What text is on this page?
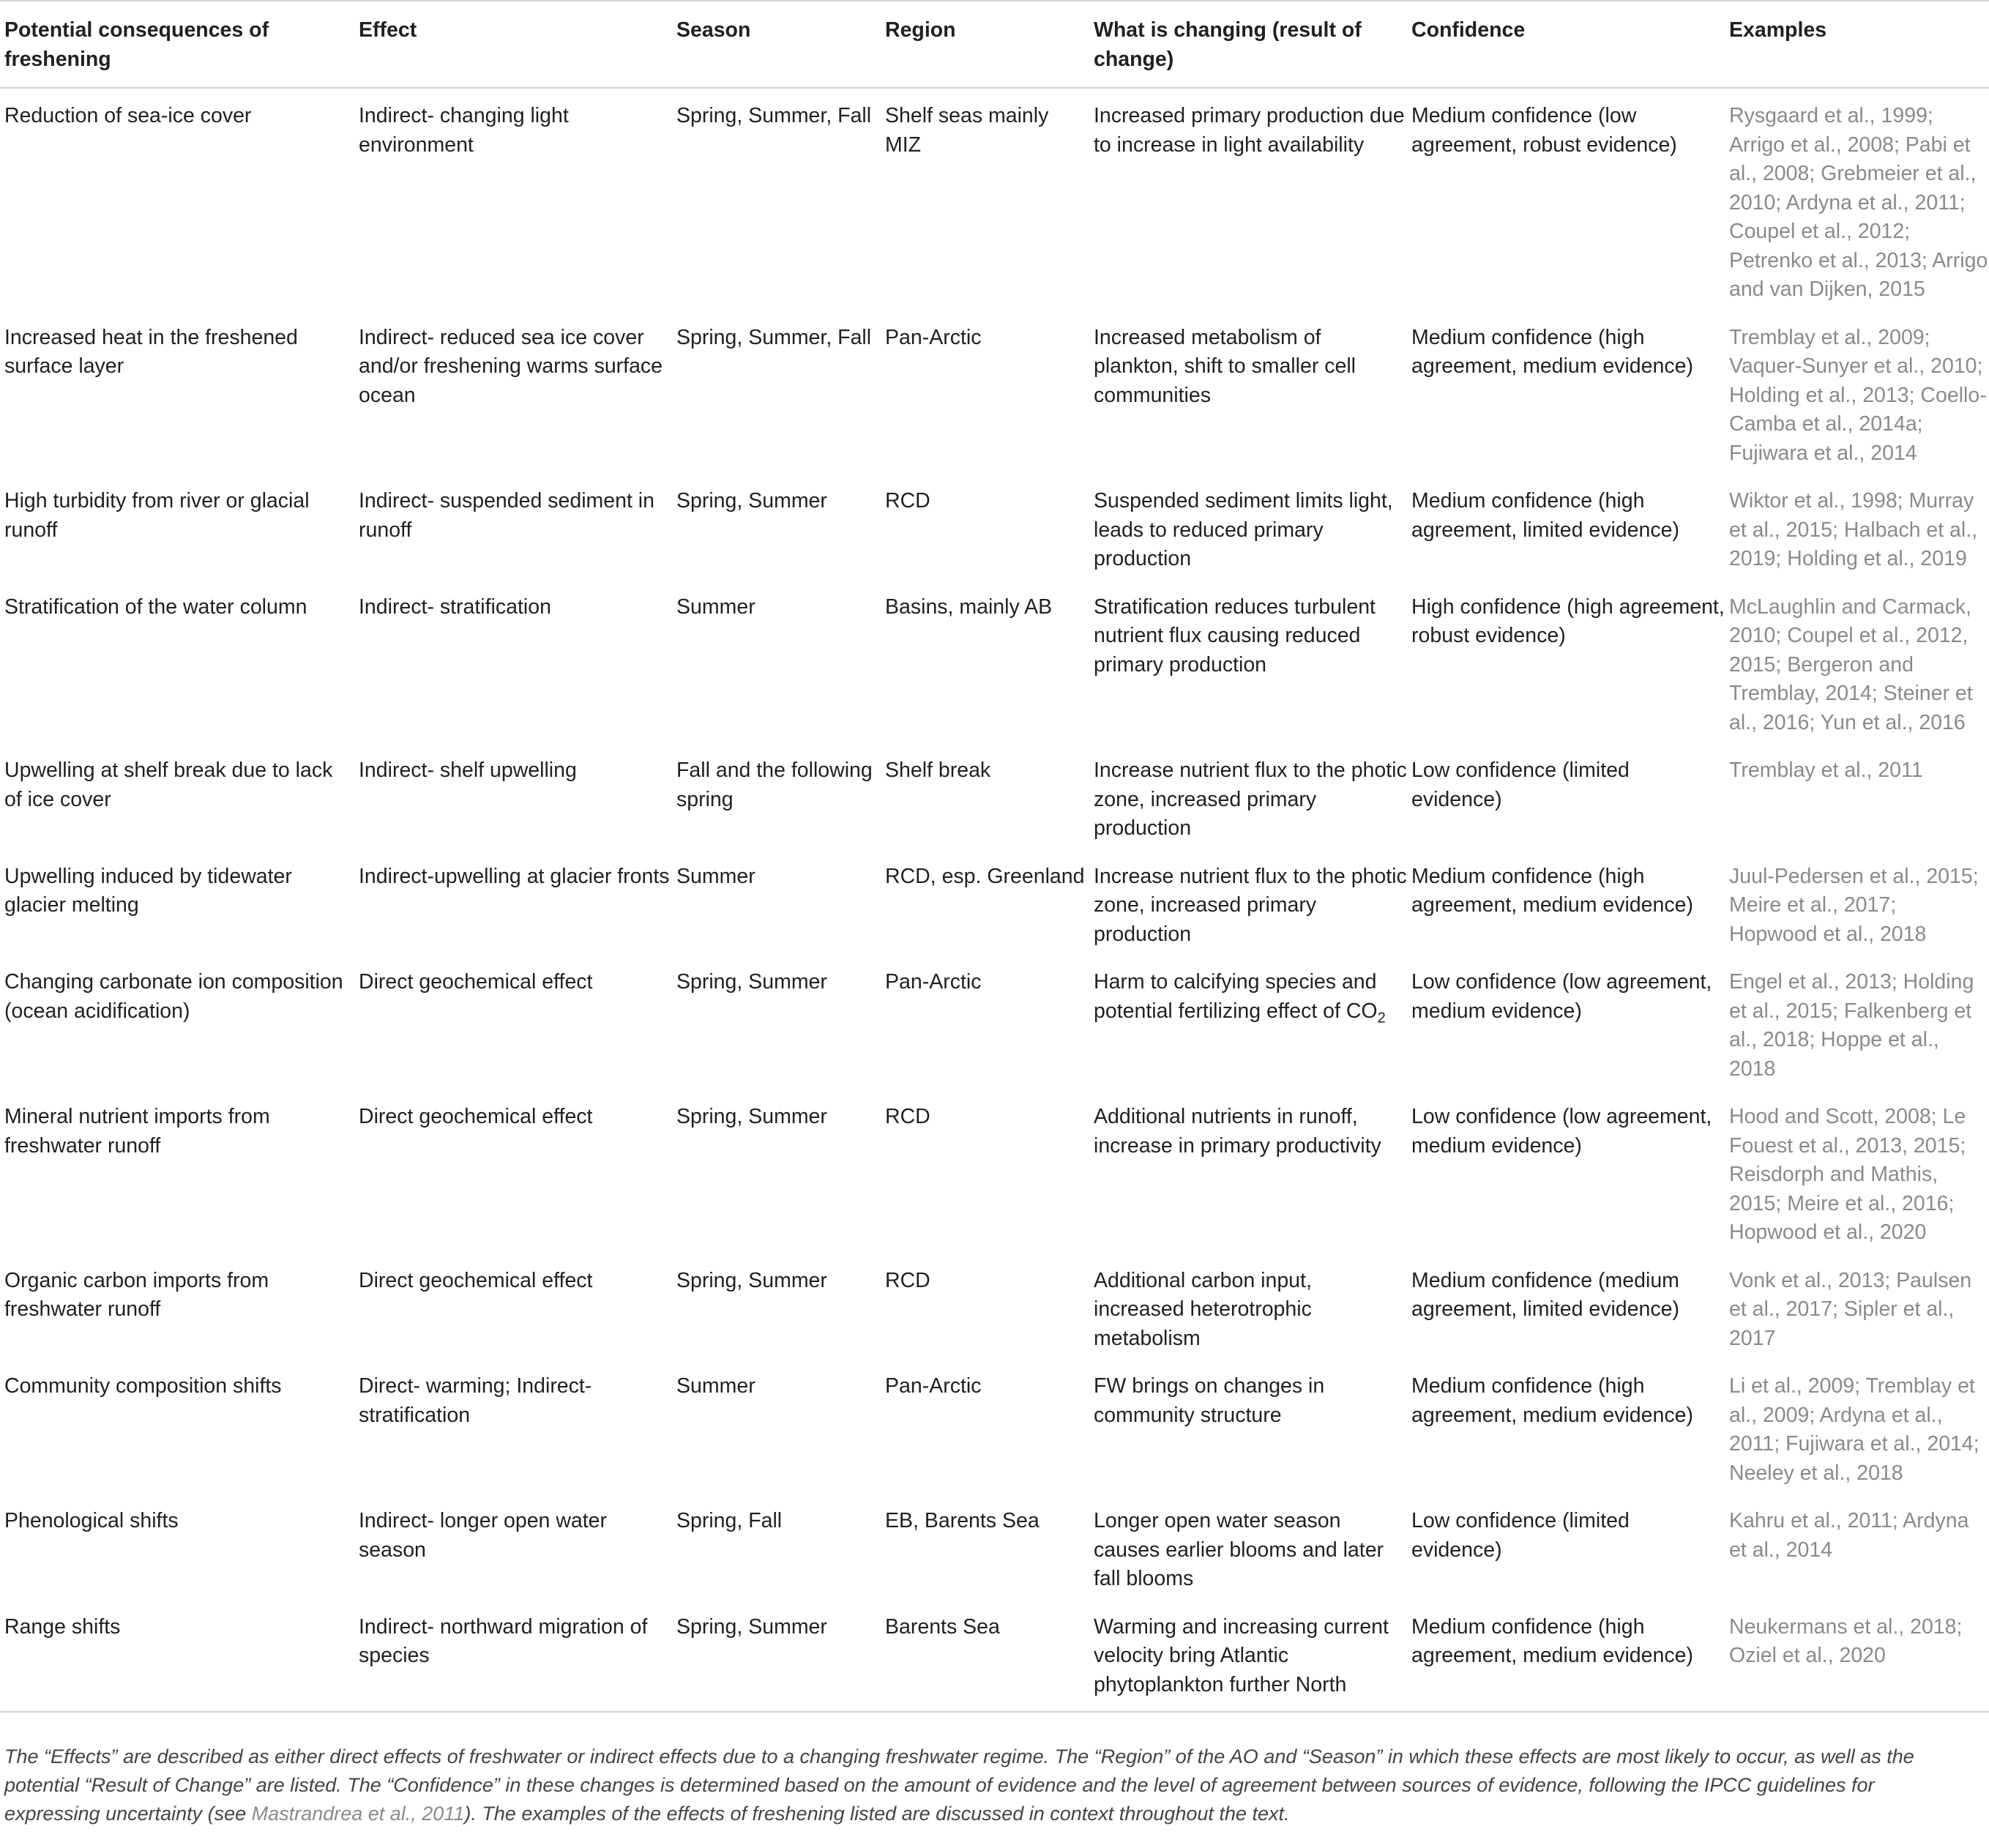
Potential consequences of freshening	Effect	Season	Region	What is changing (result of change)	Confidence	Examples
Reduction of sea-ice cover	Indirect- changing light environment	Spring, Summer, Fall	Shelf seas mainly MIZ	Increased primary production due to increase in light availability	Medium confidence (low agreement, robust evidence)	Rysgaard et al., 1999; Arrigo et al., 2008; Pabi et al., 2008; Grebmeier et al., 2010; Ardyna et al., 2011; Coupel et al., 2012; Petrenko et al., 2013; Arrigo and van Dijken, 2015
Increased heat in the freshened surface layer	Indirect- reduced sea ice cover and/or freshening warms surface ocean	Spring, Summer, Fall	Pan-Arctic	Increased metabolism of plankton, shift to smaller cell communities	Medium confidence (high agreement, medium evidence)	Tremblay et al., 2009; Vaquer-Sunyer et al., 2010; Holding et al., 2013; Coello-Camba et al., 2014a; Fujiwara et al., 2014
High turbidity from river or glacial runoff	Indirect- suspended sediment in runoff	Spring, Summer	RCD	Suspended sediment limits light, leads to reduced primary production	Medium confidence (high agreement, limited evidence)	Wiktor et al., 1998; Murray et al., 2015; Halbach et al., 2019; Holding et al., 2019
Stratification of the water column	Indirect- stratification	Summer	Basins, mainly AB	Stratification reduces turbulent nutrient flux causing reduced primary production	High confidence (high agreement, robust evidence)	McLaughlin and Carmack, 2010; Coupel et al., 2012, 2015; Bergeron and Tremblay, 2014; Steiner et al., 2016; Yun et al., 2016
Upwelling at shelf break due to lack of ice cover	Indirect- shelf upwelling	Fall and the following spring	Shelf break	Increase nutrient flux to the photic zone, increased primary production	Low confidence (limited evidence)	Tremblay et al., 2011
Upwelling induced by tidewater glacier melting	Indirect-upwelling at glacier fronts	Summer	RCD, esp. Greenland	Increase nutrient flux to the photic zone, increased primary production	Medium confidence (high agreement, medium evidence)	Juul-Pedersen et al., 2015; Meire et al., 2017; Hopwood et al., 2018
Changing carbonate ion composition (ocean acidification)	Direct geochemical effect	Spring, Summer	Pan-Arctic	Harm to calcifying species and potential fertilizing effect of $CO_2$	Low confidence (low agreement, medium evidence)	Engel et al., 2013; Holding et al., 2015; Falkenberg et al., 2018; Hoppe et al., 2018
Mineral nutrient imports from freshwater runoff	Direct geochemical effect	Spring, Summer	RCD	Additional nutrients in runoff, increase in primary productivity	Low confidence (low agreement, medium evidence)	Hood and Scott, 2008; Le Fouest et al., 2013, 2015; Reisdorph and Mathis, 2015; Meire et al., 2016; Hopwood et al., 2020
Organic carbon imports from freshwater runoff	Direct geochemical effect	Spring, Summer	RCD	Additional carbon input, increased heterotrophic metabolism	Medium confidence (medium agreement, limited evidence)	Vonk et al., 2013; Paulsen et al., 2017; Sipler et al., 2017
Community composition shifts	Direct- warming; Indirect- stratification	Summer	Pan-Arctic	FW brings on changes in community structure	Medium confidence (high agreement, medium evidence)	Li et al., 2009; Tremblay et al., 2009; Ardyna et al., 2011; Fujiwara et al., 2014; Neeley et al., 2018
Phenological shifts	Indirect- longer open water season	Spring, Fall	EB, Barents Sea	Longer open water season causes earlier blooms and later fall blooms	Low confidence (limited evidence)	Kahru et al., 2011; Ardyna et al., 2014
Range shifts	Indirect- northward migration of species	Spring, Summer	Barents Sea	Warming and increasing current velocity bring Atlantic phytoplankton further North	Medium confidence (high agreement, medium evidence)	Neukermans et al., 2018; Oziel et al., 2020

The “Effects” are described as either direct effects of freshwater or indirect effects due to a changing freshwater regime. The “Region” of the AO and “Season” in which these effects are most likely to occur, as well as the potential “Result of Change” are listed. The “Confidence” in these changes is determined based on the amount of evidence and the level of agreement between sources of evidence, following the IPCC guidelines for expressing uncertainty (see Mastrandrea et al., 2011). The examples of the effects of freshening listed are discussed in context throughout the text.
